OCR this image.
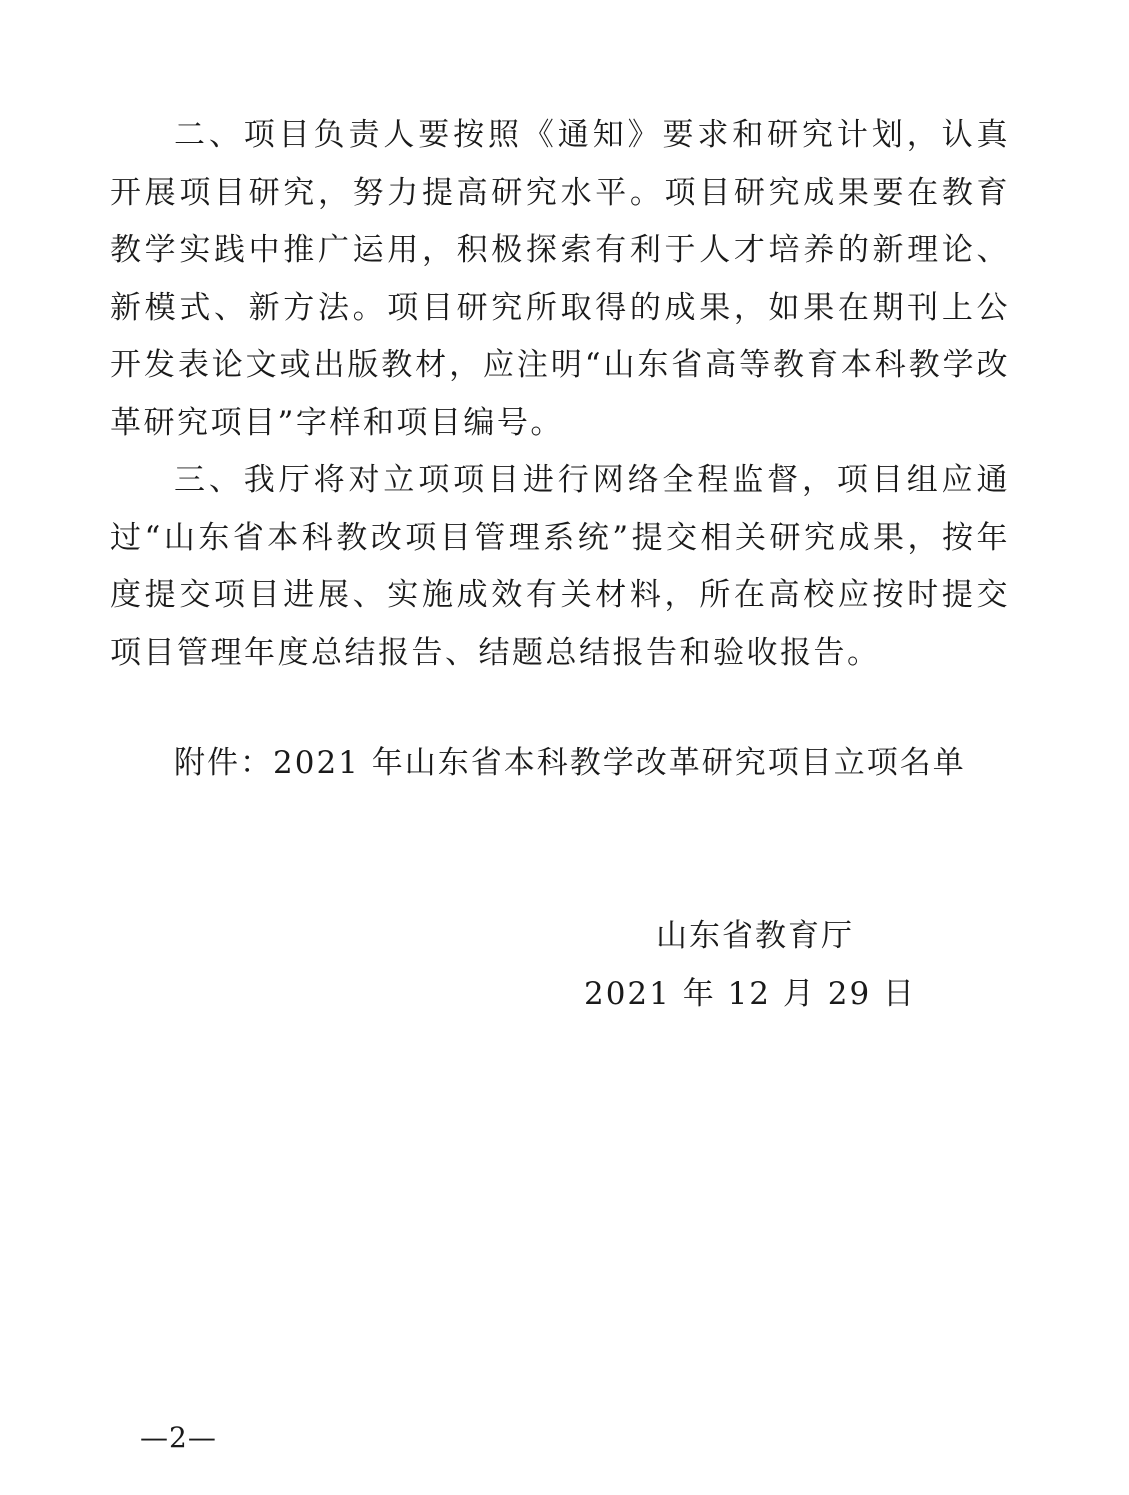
二、项目负责人要按照《通知》要求和研究计划，认真开展项目研究，努力提高研究水平。项目研究成果要在教育教学实践中推广运用，积极探索有利于人才培养的新理论、新模式、新方法。项目研究所取得的成果，如果在期刊上公开发表论文或出版教材，应注明“山东省高等教育本科教学改革研究项目”字样和项目编号。

三、我厅将对立项项目进行网络全程监督，项目组应通过“山东省本科教改项目管理系统”提交相关研究成果，按年度提交项目进展、实施成效有关材料，所在高校应按时提交项目管理年度总结报告、结题总结报告和验收报告。

附件：2021 年山东省本科教学改革研究项目立项名单

山东省教育厅
2021 年 12 月 29 日
—2—
